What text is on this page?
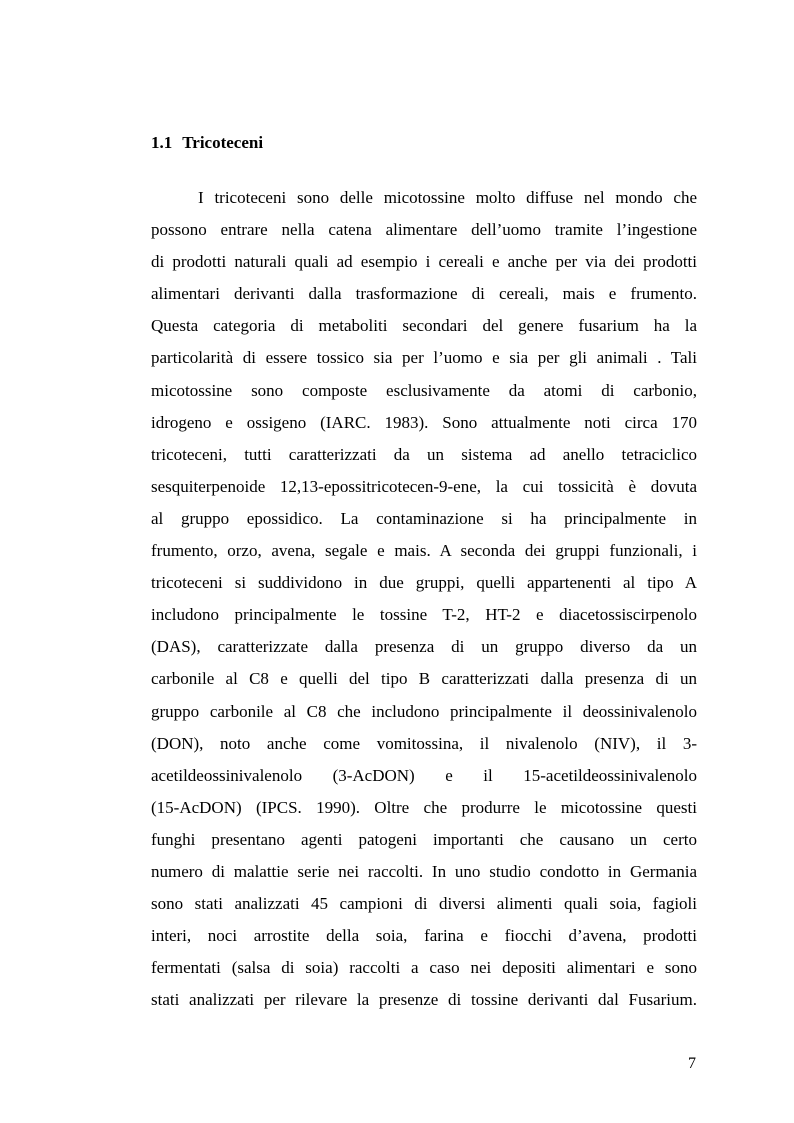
1.1 Tricoteceni
I tricoteceni sono delle micotossine molto diffuse nel mondo che
possono entrare nella catena alimentare dell’uomo tramite l’ingestione
di prodotti naturali quali ad esempio i cereali e anche per via dei prodotti
alimentari derivanti dalla trasformazione di cereali, mais e frumento.
Questa categoria di metaboliti secondari del genere fusarium ha la
particolarità di essere tossico sia per l’uomo e sia per gli animali . Tali
micotossine sono composte esclusivamente da atomi di carbonio,
idrogeno e ossigeno (IARC. 1983). Sono attualmente noti circa 170
tricoteceni, tutti caratterizzati da un sistema ad anello tetraciclico
sesquiterpenoide 12,13-epossitricotecen-9-ene, la cui tossicità è dovuta
al gruppo epossidico. La contaminazione si ha principalmente in
frumento, orzo, avena, segale e mais. A seconda dei gruppi funzionali, i
tricoteceni si suddividono in due gruppi, quelli appartenenti al tipo A
includono principalmente le tossine T-2, HT-2 e diacetossiscirpenolo
(DAS), caratterizzate dalla presenza di un gruppo diverso da un
carbonile al C8 e quelli del tipo B caratterizzati dalla presenza di un
gruppo carbonile al C8 che includono principalmente il deossinivalenolo
(DON), noto anche come vomitossina, il nivalenolo (NIV), il 3-
acetildeossinivalenolo (3-AcDON) e il 15-acetildeossinivalenolo
(15-AcDON) (IPCS. 1990). Oltre che produrre le micotossine questi
funghi presentano agenti patogeni importanti che causano un certo
numero di malattie serie nei raccolti. In uno studio condotto in Germania
sono stati analizzati 45 campioni di diversi alimenti quali soia, fagioli
interi, noci arrostite della soia, farina e fiocchi d’avena, prodotti
fermentati (salsa di soia) raccolti a caso nei depositi alimentari e sono
stati analizzati per rilevare la presenze di tossine derivanti dal Fusarium.

7
